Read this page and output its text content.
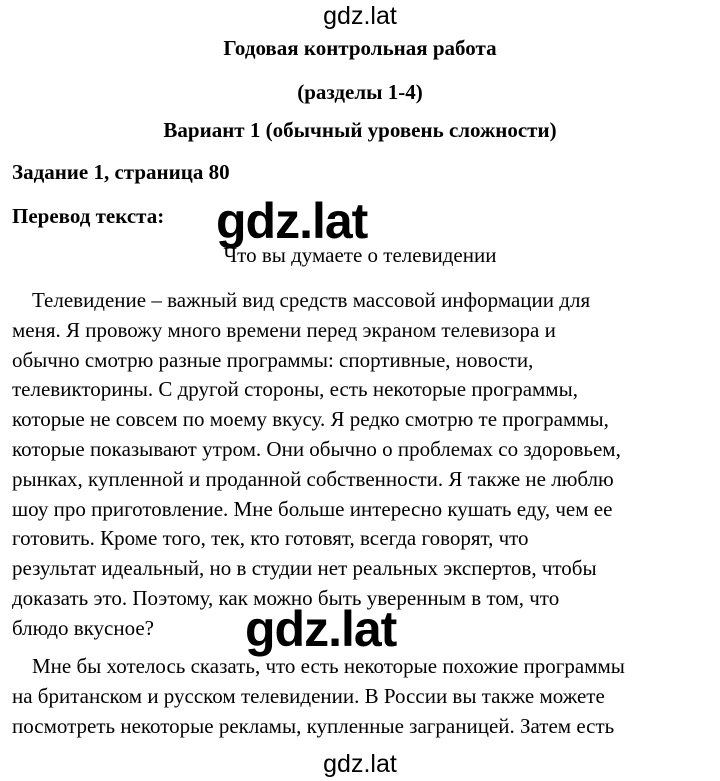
gdz.lat
Годовая контрольная работа
(разделы 1-4)
Вариант 1 (обычный уровень сложности)
Задание 1, страница 80
Перевод текста:
Что вы думаете о телевидении

Телевидение – важный вид средств массовой информации для
меня. Я провожу много времени перед экраном телевизора и
обычно смотрю разные программы: спортивные, новости,
телевикторины. С другой стороны, есть некоторые программы,
которые не совсем по моему вкусу. Я редко смотрю те программы,
которые показывают утром. Они обычно о проблемах со здоровьем,
рынках, купленной и проданной собственности. Я также не люблю
шоу про приготовление. Мне больше интересно кушать еду, чем ее
готовить. Кроме того, тек, кто готовят, всегда говорят, что
результат идеальный, но в студии нет реальных экспертов, чтобы
доказать это. Поэтому, как можно быть уверенным в том, что
блюдо вкусное?

Мне бы хотелось сказать, что есть некоторые похожие программы
на британском и русском телевидении. В России вы также можете
посмотреть некоторые рекламы, купленные заграницей. Затем есть

gdz.lat
gdz.lat
gdz.lat
